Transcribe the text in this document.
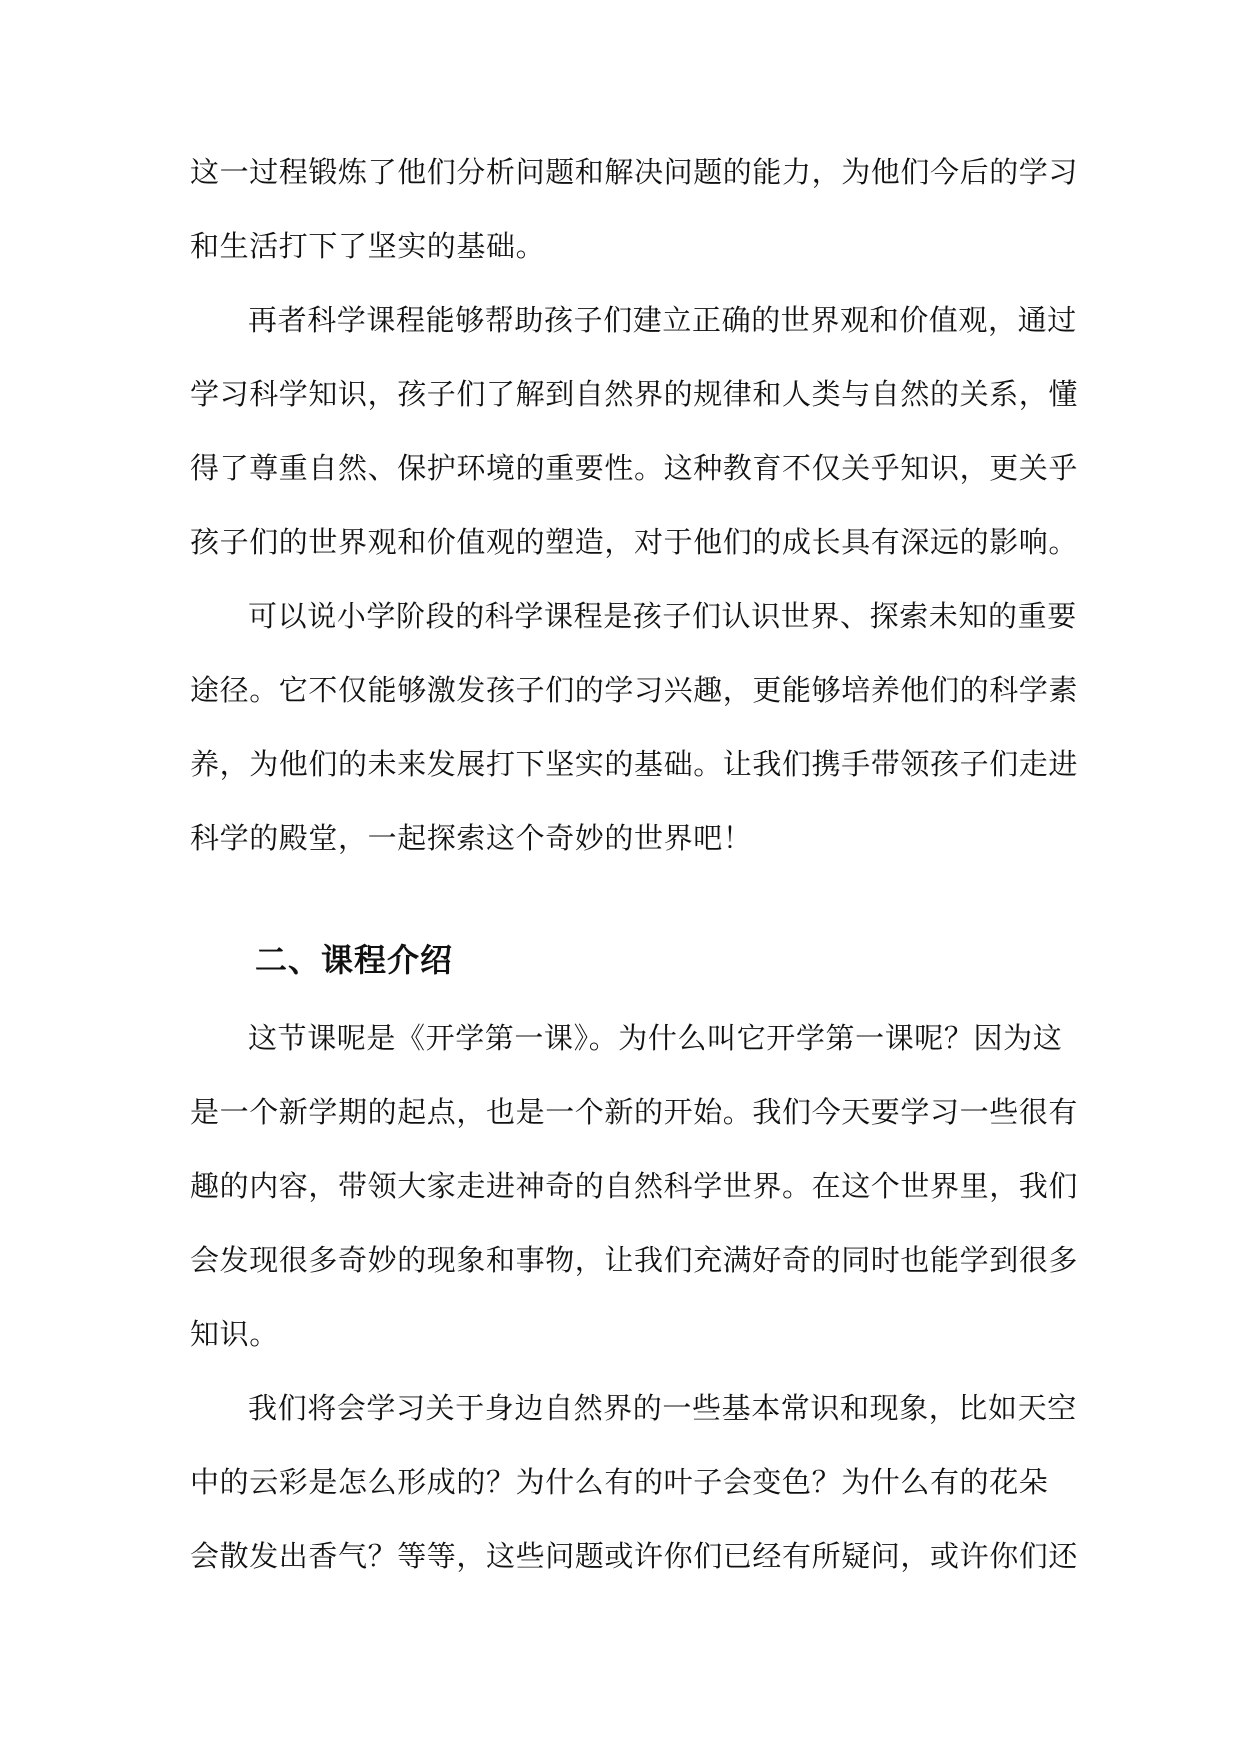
这一过程锻炼了他们分析问题和解决问题的能力，为他们今后的学习
和生活打下了坚实的基础。
再者科学课程能够帮助孩子们建立正确的世界观和价值观，通过
学习科学知识，孩子们了解到自然界的规律和人类与自然的关系，懂
得了尊重自然、保护环境的重要性。这种教育不仅关乎知识，更关乎
孩子们的世界观和价值观的塑造，对于他们的成长具有深远的影响。
可以说小学阶段的科学课程是孩子们认识世界、探索未知的重要
途径。它不仅能够激发孩子们的学习兴趣，更能够培养他们的科学素
养，为他们的未来发展打下坚实的基础。让我们携手带领孩子们走进
科学的殿堂，一起探索这个奇妙的世界吧！
二、课程介绍
这节课呢是《开学第一课》。为什么叫它开学第一课呢？因为这
是一个新学期的起点，也是一个新的开始。我们今天要学习一些很有
趣的内容，带领大家走进神奇的自然科学世界。在这个世界里，我们
会发现很多奇妙的现象和事物，让我们充满好奇的同时也能学到很多
知识。
我们将会学习关于身边自然界的一些基本常识和现象，比如天空
中的云彩是怎么形成的？为什么有的叶子会变色？为什么有的花朵
会散发出香气？等等，这些问题或许你们已经有所疑问，或许你们还
